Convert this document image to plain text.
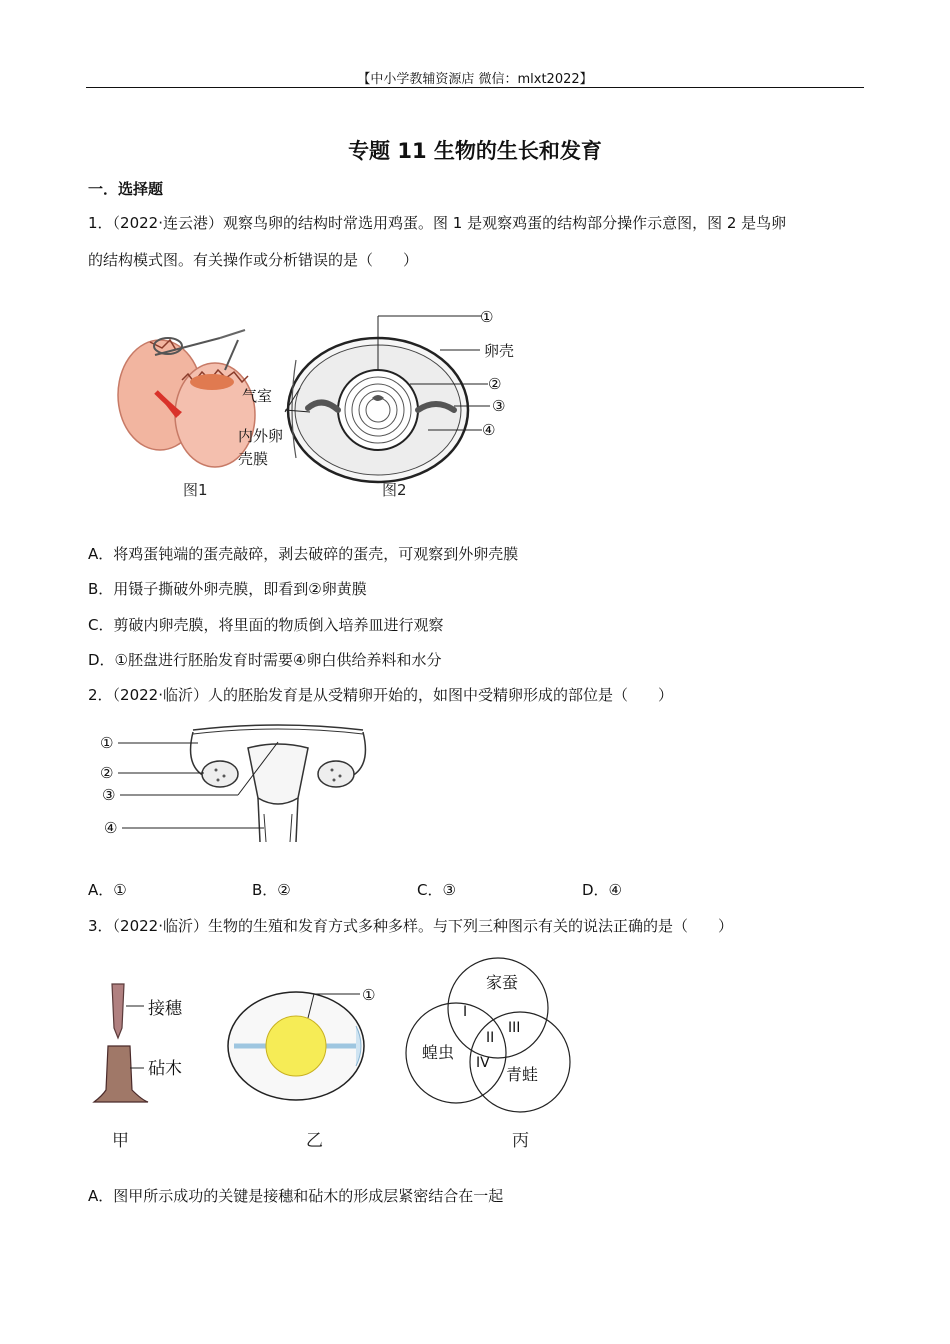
【中小学教辅资源店 微信：mlxt2022】
专题 11 生物的生长和发育
一．选择题
1．（2022·连云港）观察鸟卵的结构时常选用鸡蛋。图 1 是观察鸡蛋的结构部分操作示意图，图 2 是鸟卵
的结构模式图。有关操作或分析错误的是（　　）
图1
①
卵壳
②
气室
③
内外卵	④
壳膜
图2
A．将鸡蛋钝端的蛋壳敲碎，剥去破碎的蛋壳，可观察到外卵壳膜
B．用镊子撕破外卵壳膜，即看到②卵黄膜
C．剪破内卵壳膜，将里面的物质倒入培养皿进行观察
D．①胚盘进行胚胎发育时需要④卵白供给养料和水分
2．（2022·临沂）人的胚胎发育是从受精卵开始的，如图中受精卵形成的部位是（　　）
①
②
③
④
A．①	B．②	C．③	D．④
3．（2022·临沂）生物的生殖和发育方式多种多样。与下列三种图示有关的说法正确的是（　　）
接穗
砧木
甲
①
乙
家蚕
蝗虫
青蛙
I
II
III
IV
丙
A．图甲所示成功的关键是接穗和砧木的形成层紧密结合在一起
